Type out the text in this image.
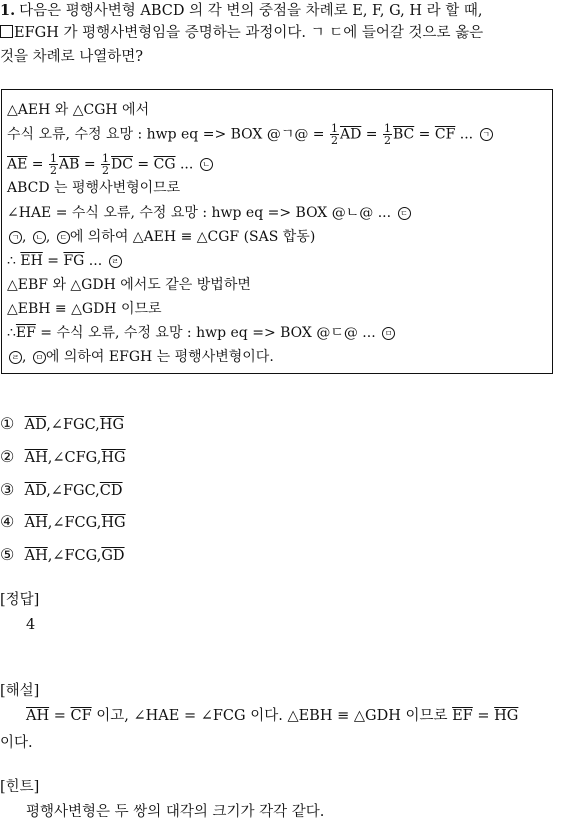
1. 다음은 평행사변형 ABCD 의 각 변의 중점을 차례로 E, F, G, H 라 할 때,
EFGH 가 평행사변형임을 증명하는 과정이다. ㄱ ㄷ에 들어갈 것으로 옳은
것을 차례로 나열하면?
△AEH 와 △CGH 에서
수식 오류, 수정 요망 : hwp eq => BOX @ㄱ@ = $\frac{1}{2} \overline{AD} = \frac{1}{2} \overline{BC} = \overline{CF}$ ... ㄱ
$\overline{AE} = \frac{1}{2} \overline{AB} = \frac{1}{2} \overline{DC} = \overline{CG}$ ... ㄴ
ABCD 는 평행사변형이므로
∠HAE = 수식 오류, 수정 요망 : hwp eq => BOX @ㄴ@ ... ㄷ
ㄱ , ㄴ , ㄷ 에 의하여 △AEH ≡ △CGF (SAS 합동)
∴ $\overline{EH} = \overline{FG}$ ... ㄹ
△EBF 와 △GDH 에서도 같은 방법하면
△EBH ≡ △GDH 이므로
$\therefore\overline{EF}$ = 수식 오류, 수정 요망 : hwp eq => BOX @ㄷ@ ... ㅁ
ㄹ , ㅁ 에 의하여 EFGH 는 평행사변형이다.
① $\overline{AD},\angle FGC,\overline{HG}$
② $\overline{AH},\angle CFG,\overline{HG}$
③ $\overline{AD},\angle FGC,\overline{CD}$
④ $\overline{AH},\angle FCG,\overline{HG}$
⑤ $\overline{AH},\angle FCG,\overline{GD}$
[정답]
4
[해설]
$\overline{AH} = \overline{CF}$ 이고, ∠HAE = ∠FCG 이다. △EBH ≡ △GDH 이므로 $\overline{EF} = \overline{HG}$
이다.
[힌트]
평행사변형은 두 쌍의 대각의 크기가 각각 같다.
